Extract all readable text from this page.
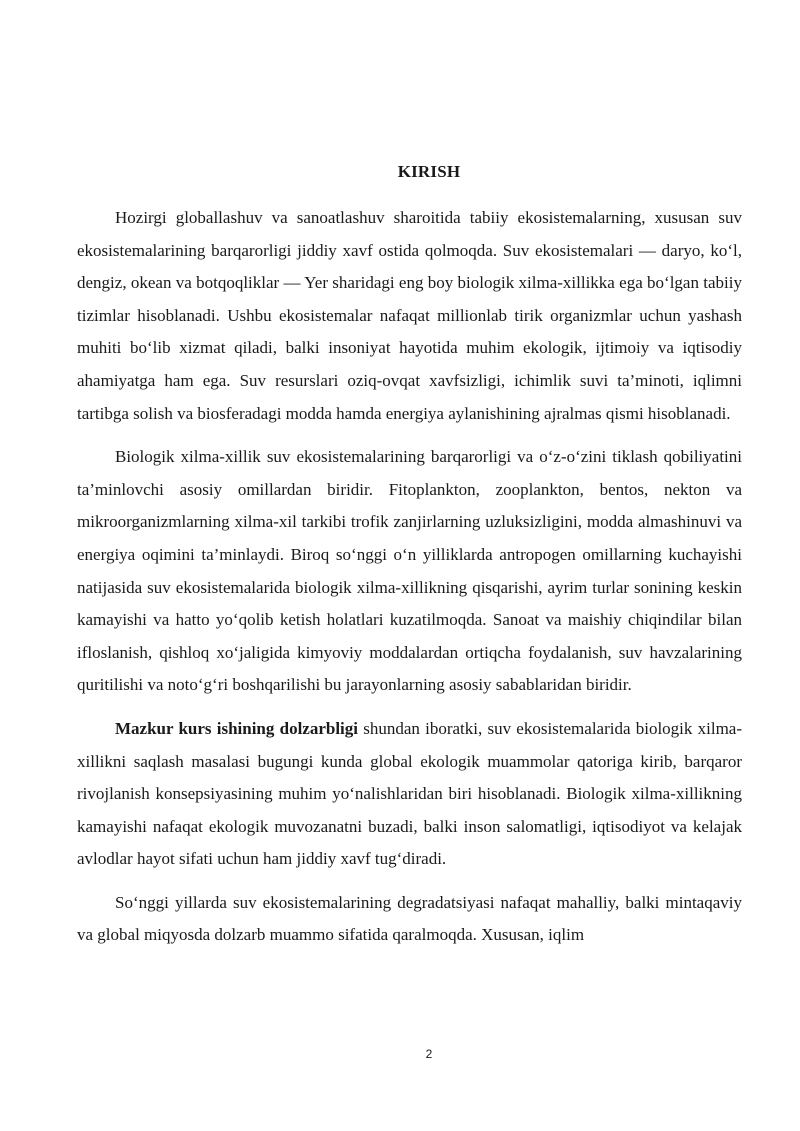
KIRISH

Hozirgi globallashuv va sanoatlashuv sharoitida tabiiy ekosistemalarning, xususan suv ekosistemalarining barqarorligi jiddiy xavf ostida qolmoqda. Suv ekosistemalari — daryo, ko‘l, dengiz, okean va botqoqliklar — Yer sharidagi eng boy biologik xilma-xillikka ega bo‘lgan tabiiy tizimlar hisoblanadi. Ushbu ekosistemalar nafaqat millionlab tirik organizmlar uchun yashash muhiti bo‘lib xizmat qiladi, balki insoniyat hayotida muhim ekologik, ijtimoiy va iqtisodiy ahamiyatga ham ega. Suv resurslari oziq-ovqat xavfsizligi, ichimlik suvi ta’minoti, iqlimni tartibga solish va biosferadagi modda hamda energiya aylanishining ajralmas qismi hisoblanadi.

Biologik xilma-xillik suv ekosistemalarining barqarorligi va o‘z-o‘zini tiklash qobiliyatini ta’minlovchi asosiy omillardan biridir. Fitoplankton, zooplankton, bentos, nekton va mikroorganizmlarning xilma-xil tarkibi trofik zanjirlarning uzluksizligini, modda almashinuvi va energiya oqimini ta’minlaydi. Biroq so‘nggi o‘n yilliklarda antropogen omillarning kuchayishi natijasida suv ekosistemalarida biologik xilma-xillikning qisqarishi, ayrim turlar sonining keskin kamayishi va hatto yo‘qolib ketish holatlari kuzatilmoqda. Sanoat va maishiy chiqindilar bilan ifloslanish, qishloq xo‘jaligida kimyoviy moddalardan ortiqcha foydalanish, suv havzalarining quritilishi va noto‘g‘ri boshqarilishi bu jarayonlarning asosiy sabablaridan biridir.

Mazkur kurs ishining dolzarbligi shundan iboratki, suv ekosistemalarida biologik xilma-xillikni saqlash masalasi bugungi kunda global ekologik muammolar qatoriga kirib, barqaror rivojlanish konsepsiyasining muhim yo‘nalishlaridan biri hisoblanadi. Biologik xilma-xillikning kamayishi nafaqat ekologik muvozanatni buzadi, balki inson salomatligi, iqtisodiyot va kelajak avlodlar hayot sifati uchun ham jiddiy xavf tug‘diradi.

So‘nggi yillarda suv ekosistemalarining degradatsiyasi nafaqat mahalliy, balki mintaqaviy va global miqyosda dolzarb muammo sifatida qaralmoqda. Xususan, iqlim

2
